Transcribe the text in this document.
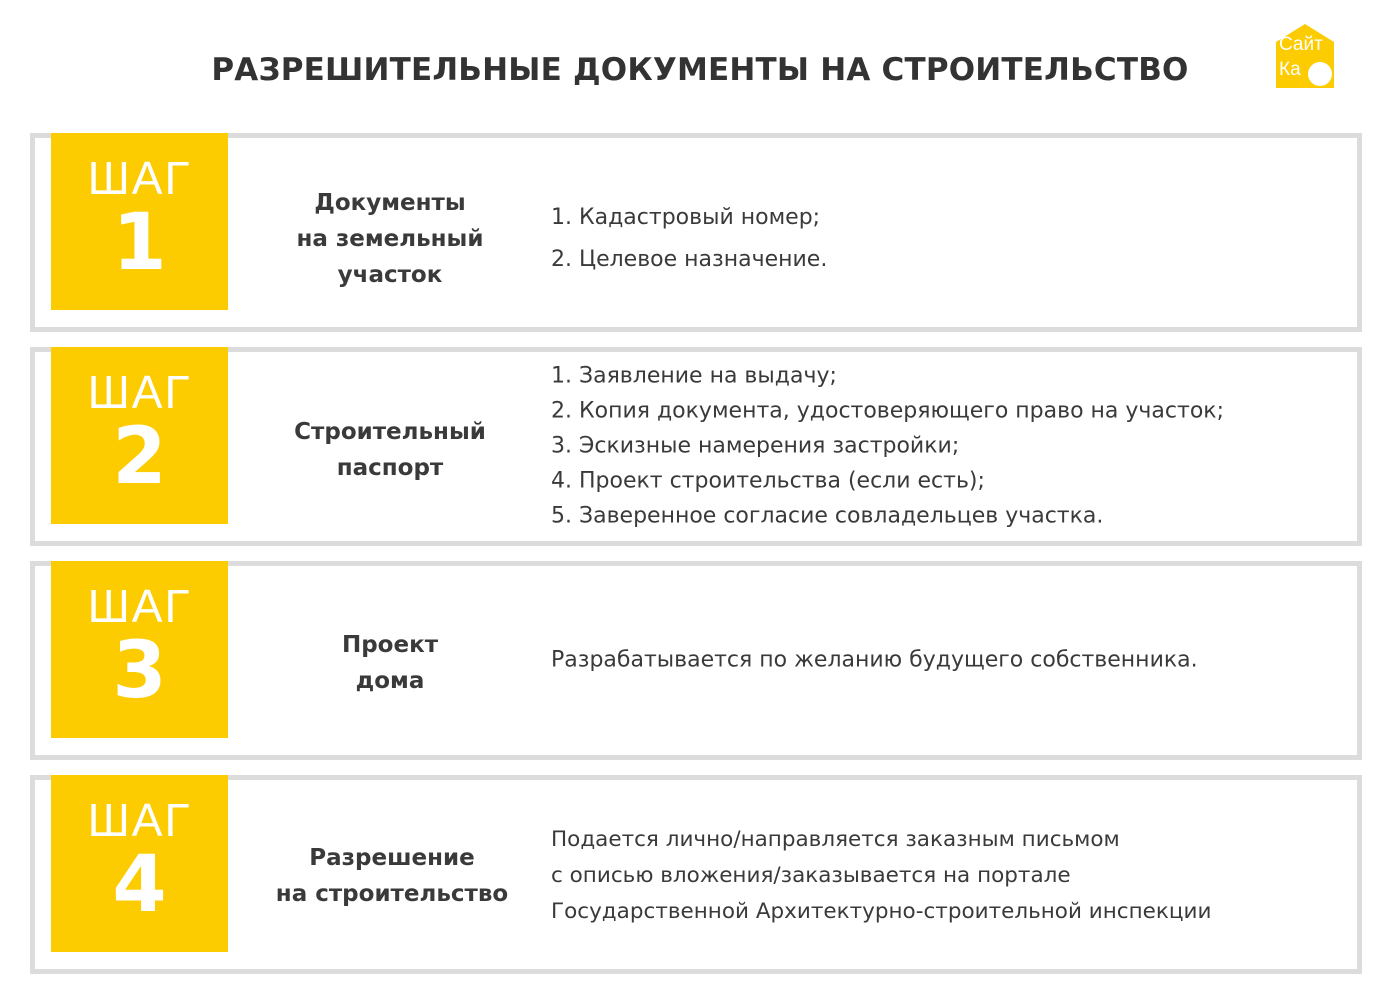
РАЗРЕШИТЕЛЬНЫЕ ДОКУМЕНТЫ НА СТРОИТЕЛЬСТВО
Сайт
Ка
ШАГ
1	Документы
на земельный
участок
1. Кадастровый номер;
2. Целевое назначение.
ШАГ
2	Строительный
паспорт
1. Заявление на выдачу;
2. Копия документа, удостоверяющего право на участок;
3. Эскизные намерения застройки;
4. Проект строительства (если есть);
5. Заверенное согласие совладельцев участка.
ШАГ
3	Проект
дома
Разрабатывается по желанию будущего собственника.
ШАГ
4	Разрешение
на строительство
Подается лично/направляется заказным письмом
с описью вложения/заказывается на портале
Государственной Архитектурно-строительной инспекции
